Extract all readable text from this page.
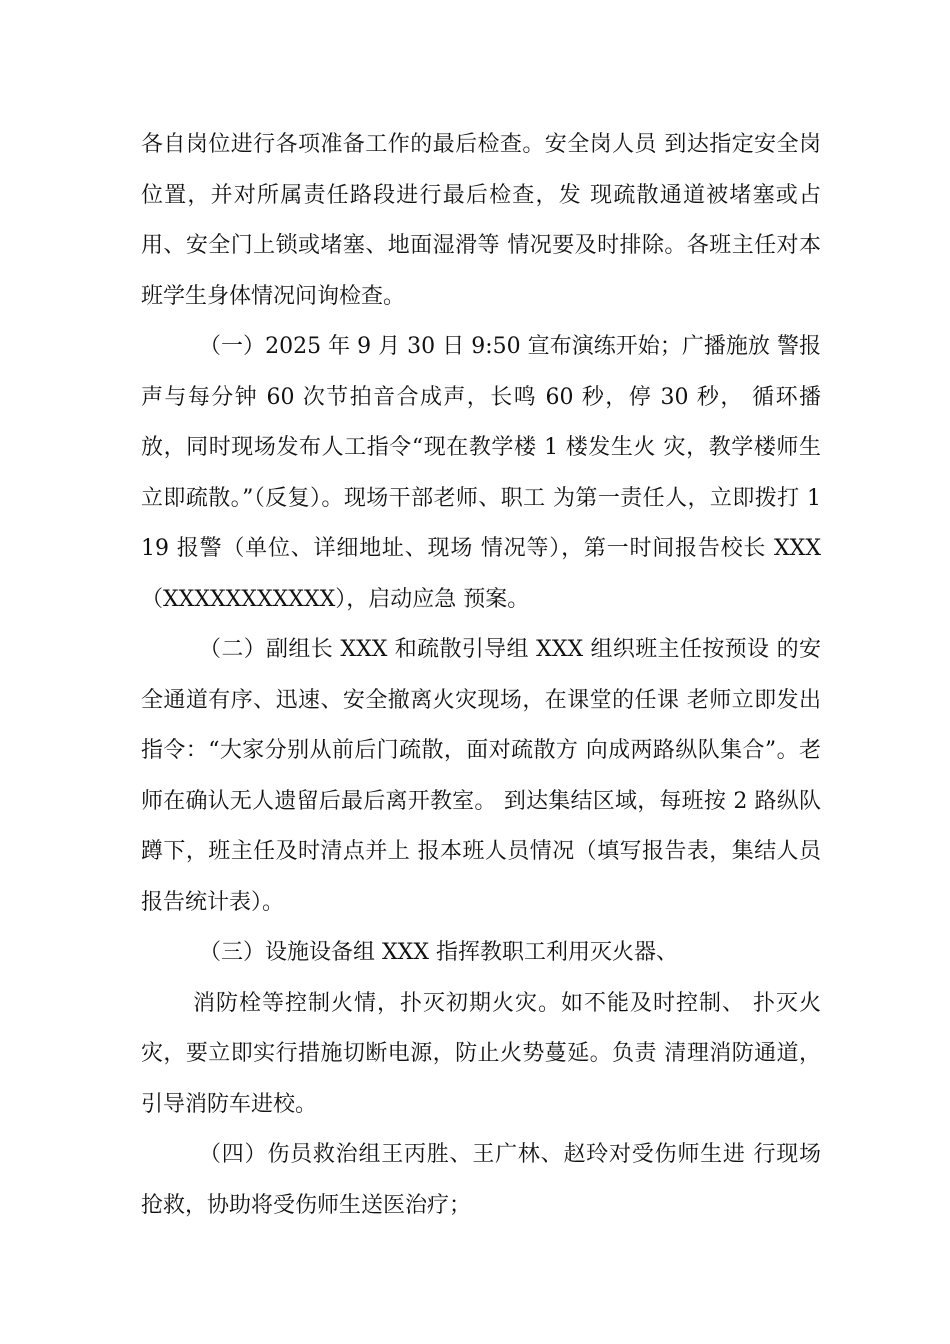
各自岗位进行各项准备工作的最后检查。安全岗人员 到达指定安全岗位置，并对所属责任路段进行最后检查，发 现疏散通道被堵塞或占用、安全门上锁或堵塞、地面湿滑等 情况要及时排除。各班主任对本班学生身体情况问询检查。

（一）2025 年 9 月 30 日 9:50 宣布演练开始；广播施放 警报声与每分钟 60 次节拍音合成声，长鸣 60 秒，停 30 秒， 循环播放，同时现场发布人工指令“现在教学楼 1 楼发生火 灾，教学楼师生立即疏散。”（反复）。现场干部老师、职工 为第一责任人，立即拨打 119 报警（单位、详细地址、现场 情况等），第一时间报告校长 XXX（XXXXXXXXXXX），启动应急 预案。

（二）副组长 XXX 和疏散引导组 XXX 组织班主任按预设 的安全通道有序、迅速、安全撤离火灾现场，在课堂的任课 老师立即发出指令：“大家分别从前后门疏散，面对疏散方 向成两路纵队集合”。老师在确认无人遗留后最后离开教室。 到达集结区域，每班按 2 路纵队蹲下，班主任及时清点并上 报本班人员情况（填写报告表，集结人员报告统计表）。

（三）设施设备组 XXX 指挥教职工利用灭火器、

消防栓等控制火情，扑灭初期火灾。如不能及时控制、 扑灭火灾，要立即实行措施切断电源，防止火势蔓延。负责 清理消防通道，引导消防车进校。

（四）伤员救治组王丙胜、王广林、赵玲对受伤师生进 行现场抢救，协助将受伤师生送医治疗；
